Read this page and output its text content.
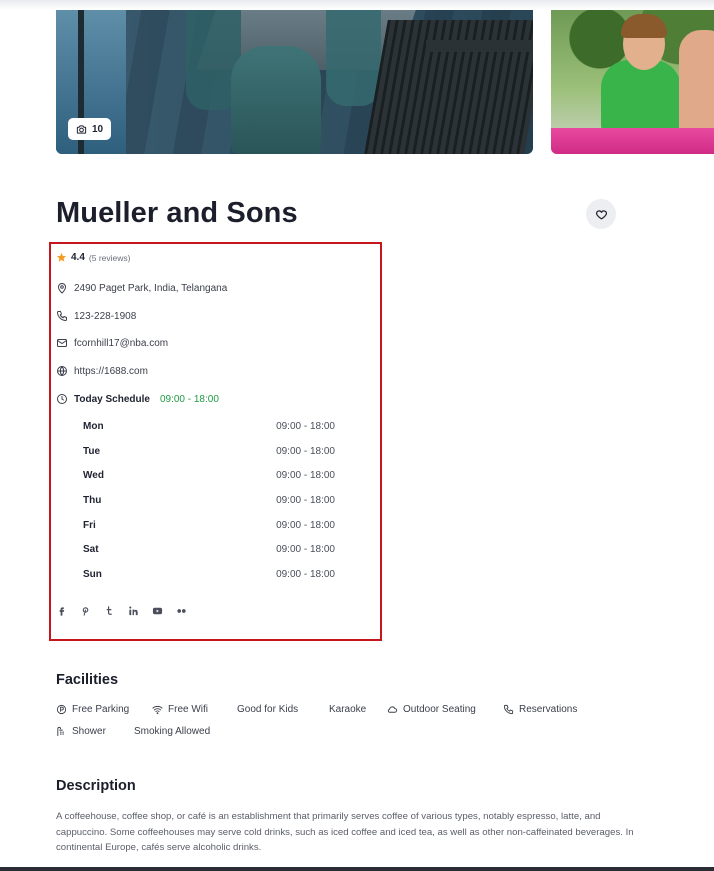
10
Mueller and Sons
4.4 (5 reviews)
2490 Paget Park, India, Telangana
123-228-1908
fcornhill17@nba.com
https://1688.com
Today Schedule 09:00 - 18:00
Mon	09:00 - 18:00
Tue	09:00 - 18:00
Wed	09:00 - 18:00
Thu	09:00 - 18:00
Fri	09:00 - 18:00
Sat	09:00 - 18:00
Sun	09:00 - 18:00
Facilities
Free Parking	Free Wifi	Good for Kids	Karaoke	Outdoor Seating	Reservations
Shower	Smoking Allowed
Description

A coffeehouse, coffee shop, or café is an establishment that primarily serves coffee of various types, notably espresso, latte, and cappuccino. Some coffeehouses may serve cold drinks, such as iced coffee and iced tea, as well as other non-caffeinated beverages. In continental Europe, cafés serve alcoholic drinks.
